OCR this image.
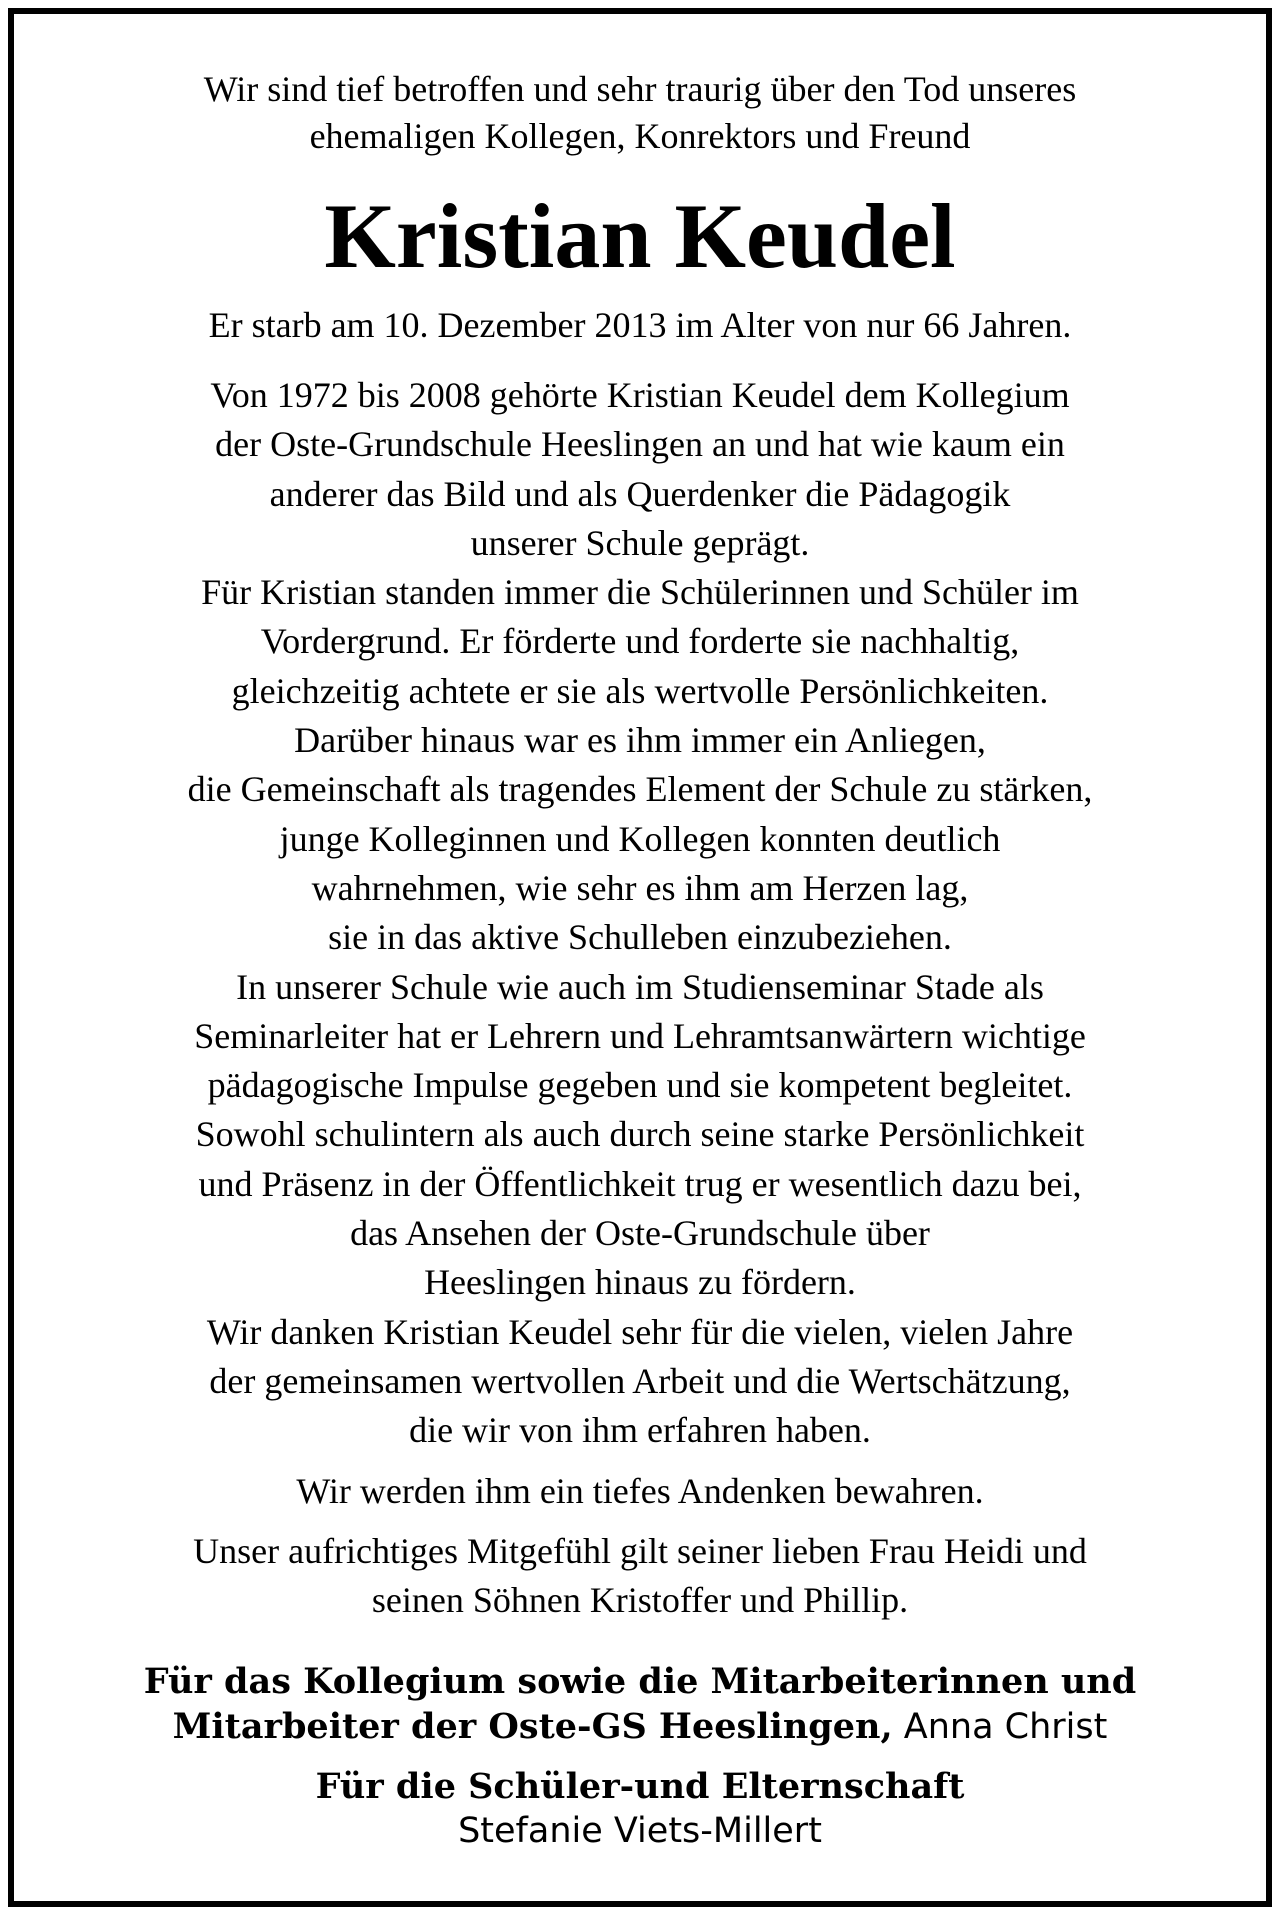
Wir sind tief betroffen und sehr traurig über den Tod unseres
ehemaligen Kollegen, Konrektors und Freund

Kristian Keudel

Er starb am 10. Dezember 2013 im Alter von nur 66 Jahren.

Von 1972 bis 2008 gehörte Kristian Keudel dem Kollegium
der Oste-Grundschule Heeslingen an und hat wie kaum ein
anderer das Bild und als Querdenker die Pädagogik
unserer Schule geprägt.
Für Kristian standen immer die Schülerinnen und Schüler im
Vordergrund. Er förderte und forderte sie nachhaltig,
gleichzeitig achtete er sie als wertvolle Persönlichkeiten.
Darüber hinaus war es ihm immer ein Anliegen,
die Gemeinschaft als tragendes Element der Schule zu stärken,
junge Kolleginnen und Kollegen konnten deutlich
wahrnehmen, wie sehr es ihm am Herzen lag,
sie in das aktive Schulleben einzubeziehen.
In unserer Schule wie auch im Studienseminar Stade als
Seminarleiter hat er Lehrern und Lehramtsanwärtern wichtige
pädagogische Impulse gegeben und sie kompetent begleitet.
Sowohl schulintern als auch durch seine starke Persönlichkeit
und Präsenz in der Öffentlichkeit trug er wesentlich dazu bei,
das Ansehen der Oste-Grundschule über
Heeslingen hinaus zu fördern.
Wir danken Kristian Keudel sehr für die vielen, vielen Jahre
der gemeinsamen wertvollen Arbeit und die Wertschätzung,
die wir von ihm erfahren haben.

Wir werden ihm ein tiefes Andenken bewahren.

Unser aufrichtiges Mitgefühl gilt seiner lieben Frau Heidi und
seinen Söhnen Kristoffer und Phillip.

Für das Kollegium sowie die Mitarbeiterinnen und
Mitarbeiter der Oste-GS Heeslingen, Anna Christ
Für die Schüler-und Elternschaft
Stefanie Viets-Millert
